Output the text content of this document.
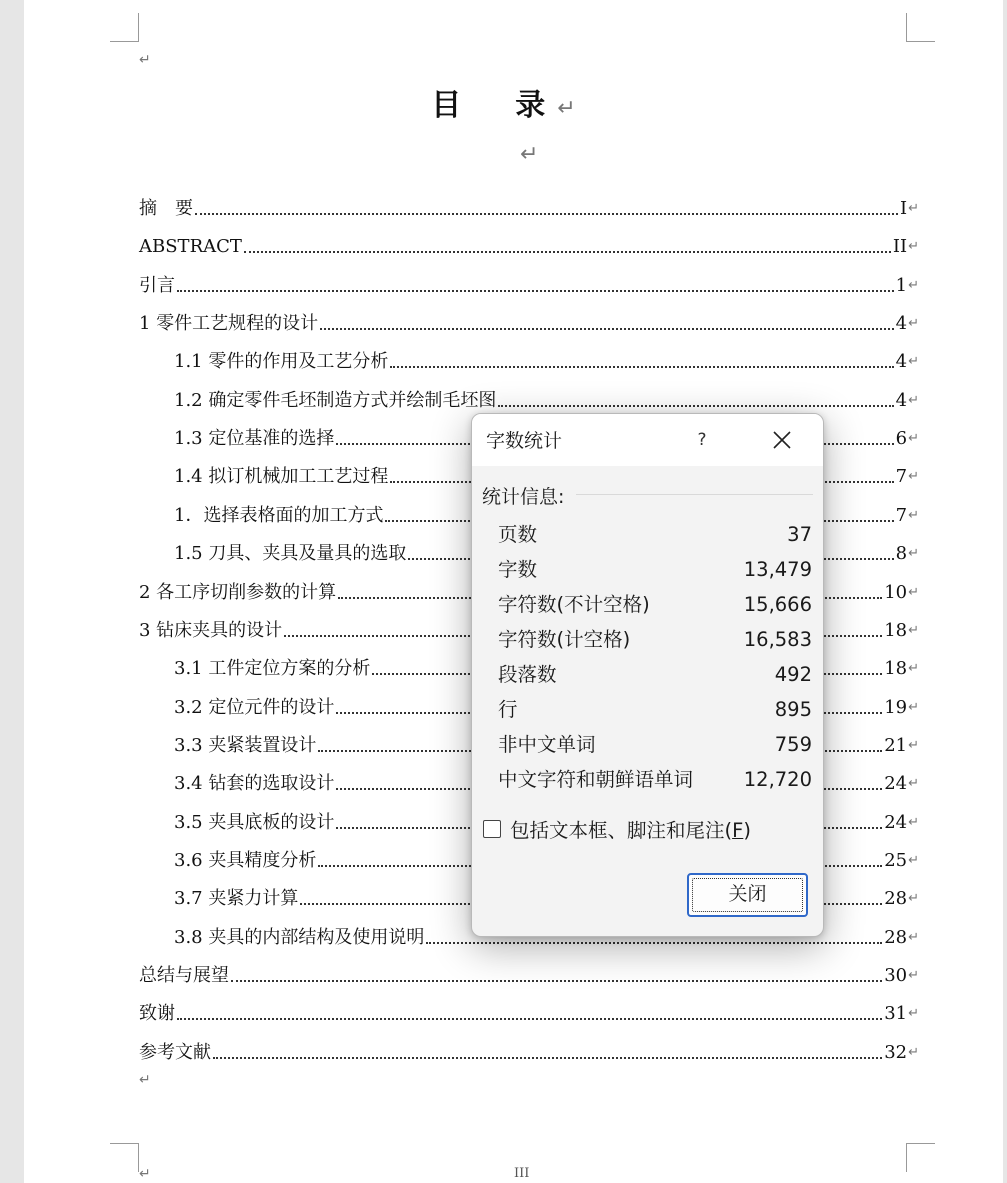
↵
目　录↵
↵
摘　要	I ↵
ABSTRACT	II ↵
引言	1 ↵
1 零件工艺规程的设计	4 ↵
1.1 零件的作用及工艺分析	4 ↵
1.2 确定零件毛坯制造方式并绘制毛坯图	4 ↵
1.3 定位基准的选择	6 ↵
1.4 拟订机械加工工艺过程	7 ↵
1．选择表格面的加工方式	7 ↵
1.5 刀具、夹具及量具的选取	8 ↵
2 各工序切削参数的计算	10 ↵
3 钻床夹具的设计	18 ↵
3.1 工件定位方案的分析	18 ↵
3.2 定位元件的设计	19 ↵
3.3 夹紧装置设计	21 ↵
3.4 钻套的选取设计	24 ↵
3.5 夹具底板的设计	24 ↵
3.6 夹具精度分析	25 ↵
3.7 夹紧力计算	28 ↵
3.8 夹具的内部结构及使用说明	28 ↵
总结与展望	30 ↵
致谢	31 ↵
参考文献	32 ↵
↵
↵	III
字数统计	?
统计信息:
页数	37
字数	13,479
字符数(不计空格)	15,666
字符数(计空格)	16,583
段落数	492
行	895
非中文单词	759
中文字符和朝鲜语单词	12,720
包括文本框、脚注和尾注(F)
关闭
